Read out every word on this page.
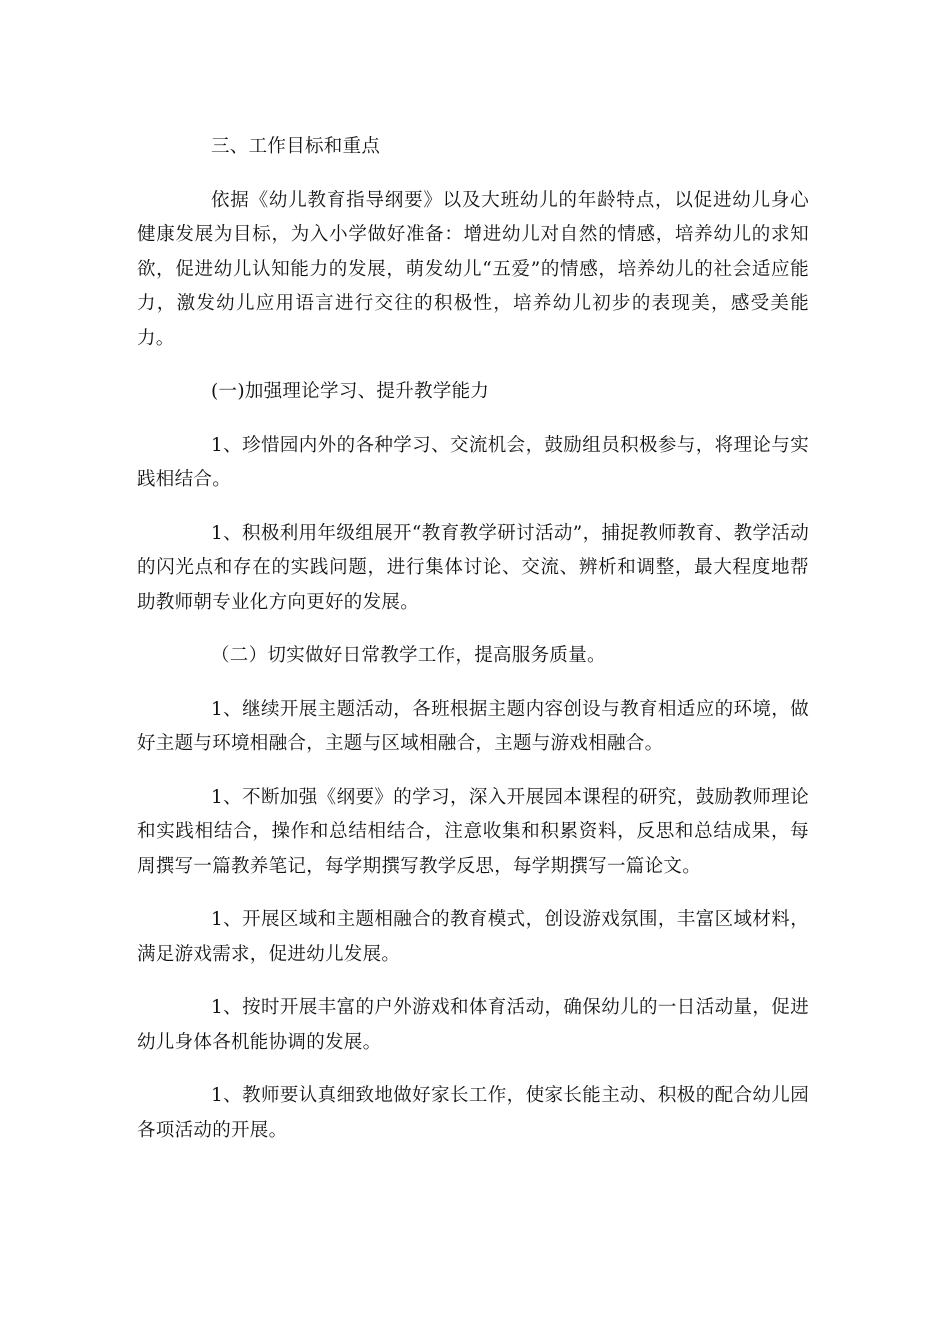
三、工作目标和重点

依据《幼儿教育指导纲要》以及大班幼儿的年龄特点，以促进幼儿身心健康发展为目标，为入小学做好准备：增进幼儿对自然的情感，培养幼儿的求知欲，促进幼儿认知能力的发展，萌发幼儿“五爱”的情感，培养幼儿的社会适应能力，激发幼儿应用语言进行交往的积极性，培养幼儿初步的表现美，感受美能力。

(一)加强理论学习、提升教学能力

1、珍惜园内外的各种学习、交流机会，鼓励组员积极参与，将理论与实践相结合。

1、积极利用年级组展开“教育教学研讨活动”，捕捉教师教育、教学活动的闪光点和存在的实践问题，进行集体讨论、交流、辨析和调整，最大程度地帮助教师朝专业化方向更好的发展。

（二）切实做好日常教学工作，提高服务质量。

1、继续开展主题活动，各班根据主题内容创设与教育相适应的环境，做好主题与环境相融合，主题与区域相融合，主题与游戏相融合。

1、不断加强《纲要》的学习，深入开展园本课程的研究，鼓励教师理论和实践相结合，操作和总结相结合，注意收集和积累资料，反思和总结成果，每周撰写一篇教养笔记，每学期撰写教学反思，每学期撰写一篇论文。

1、开展区域和主题相融合的教育模式，创设游戏氛围，丰富区域材料，满足游戏需求，促进幼儿发展。

1、按时开展丰富的户外游戏和体育活动，确保幼儿的一日活动量，促进幼儿身体各机能协调的发展。

1、教师要认真细致地做好家长工作，使家长能主动、积极的配合幼儿园各项活动的开展。
